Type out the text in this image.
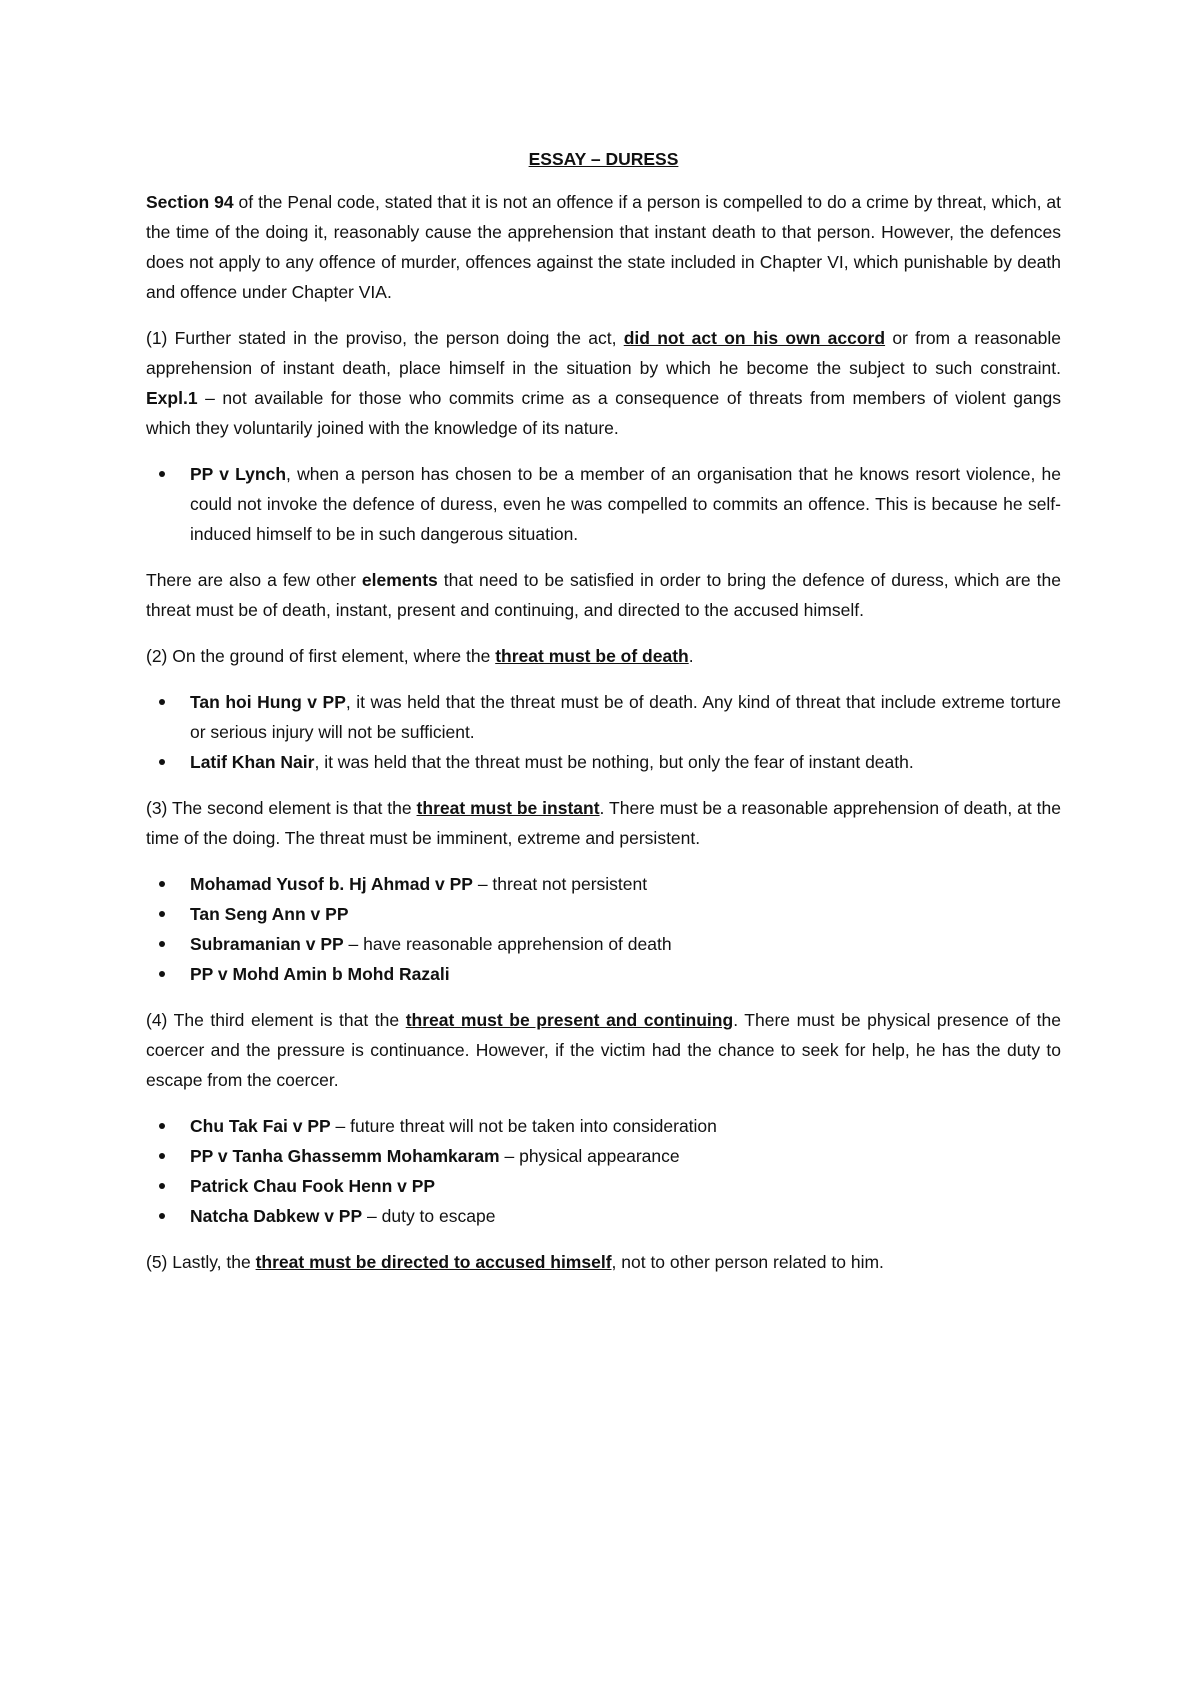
ESSAY – DURESS

Section 94 of the Penal code, stated that it is not an offence if a person is compelled to do a crime by threat, which, at the time of the doing it, reasonably cause the apprehension that instant death to that person. However, the defences does not apply to any offence of murder, offences against the state included in Chapter VI, which punishable by death and offence under Chapter VIA.

(1) Further stated in the proviso, the person doing the act, did not act on his own accord or from a reasonable apprehension of instant death, place himself in the situation by which he become the subject to such constraint. Expl.1 – not available for those who commits crime as a consequence of threats from members of violent gangs which they voluntarily joined with the knowledge of its nature.

PP v Lynch, when a person has chosen to be a member of an organisation that he knows resort violence, he could not invoke the defence of duress, even he was compelled to commits an offence. This is because he self-induced himself to be in such dangerous situation.

There are also a few other elements that need to be satisfied in order to bring the defence of duress, which are the threat must be of death, instant, present and continuing, and directed to the accused himself.

(2) On the ground of first element, where the threat must be of death.

Tan hoi Hung v PP, it was held that the threat must be of death. Any kind of threat that include extreme torture or serious injury will not be sufficient.
Latif Khan Nair, it was held that the threat must be nothing, but only the fear of instant death.

(3) The second element is that the threat must be instant. There must be a reasonable apprehension of death, at the time of the doing. The threat must be imminent, extreme and persistent.

Mohamad Yusof b. Hj Ahmad v PP – threat not persistent
Tan Seng Ann v PP
Subramanian v PP – have reasonable apprehension of death
PP v Mohd Amin b Mohd Razali

(4) The third element is that the threat must be present and continuing. There must be physical presence of the coercer and the pressure is continuance. However, if the victim had the chance to seek for help, he has the duty to escape from the coercer.

Chu Tak Fai v PP – future threat will not be taken into consideration
PP v Tanha Ghassemm Mohamkaram – physical appearance
Patrick Chau Fook Henn v PP
Natcha Dabkew v PP – duty to escape

(5) Lastly, the threat must be directed to accused himself, not to other person related to him.
